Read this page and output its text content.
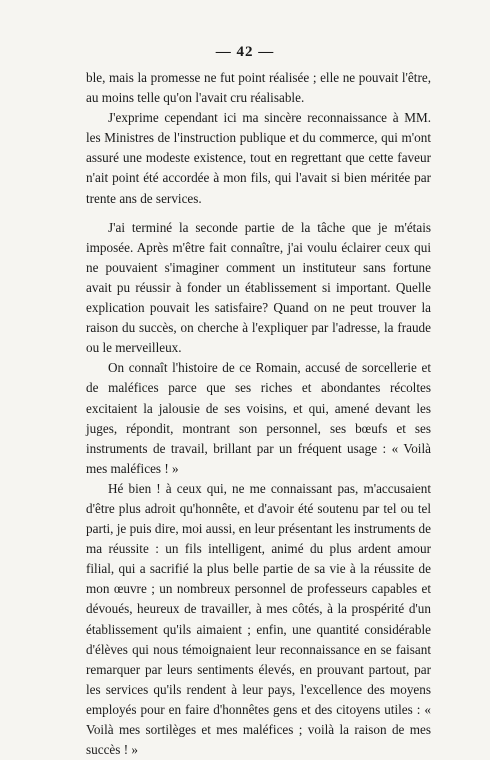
— 42 —

ble, mais la promesse ne fut point réalisée ; elle ne pouvait l'être, au moins telle qu'on l'avait cru réalisable.

J'exprime cependant ici ma sincère reconnaissance à MM. les Ministres de l'instruction publique et du commerce, qui m'ont assuré une modeste existence, tout en regrettant que cette faveur n'ait point été accordée à mon fils, qui l'avait si bien méritée par trente ans de services.

J'ai terminé la seconde partie de la tâche que je m'étais imposée. Après m'être fait connaître, j'ai voulu éclairer ceux qui ne pouvaient s'imaginer comment un instituteur sans fortune avait pu réussir à fonder un établissement si important. Quelle explication pouvait les satisfaire? Quand on ne peut trouver la raison du succès, on cherche à l'expliquer par l'adresse, la fraude ou le merveilleux.

On connaît l'histoire de ce Romain, accusé de sorcellerie et de maléfices parce que ses riches et abondantes récoltes excitaient la jalousie de ses voisins, et qui, amené devant les juges, répondit, montrant son personnel, ses bœufs et ses instruments de travail, brillant par un fréquent usage : « Voilà mes maléfices ! »

Hé bien ! à ceux qui, ne me connaissant pas, m'accusaient d'être plus adroit qu'honnête, et d'avoir été soutenu par tel ou tel parti, je puis dire, moi aussi, en leur présentant les instruments de ma réussite : un fils intelligent, animé du plus ardent amour filial, qui a sacrifié la plus belle partie de sa vie à la réussite de mon œuvre ; un nombreux personnel de professeurs capables et dévoués, heureux de travailler, à mes côtés, à la prospérité d'un établissement qu'ils aimaient ; enfin, une quantité considérable d'élèves qui nous témoignaient leur reconnaissance en se faisant remarquer par leurs sentiments élevés, en prouvant partout, par les services qu'ils rendent à leur pays, l'excellence des moyens employés pour en faire d'honnêtes gens et des citoyens utiles : « Voilà mes sortilèges et mes maléfices ; voilà la raison de mes succès ! »
